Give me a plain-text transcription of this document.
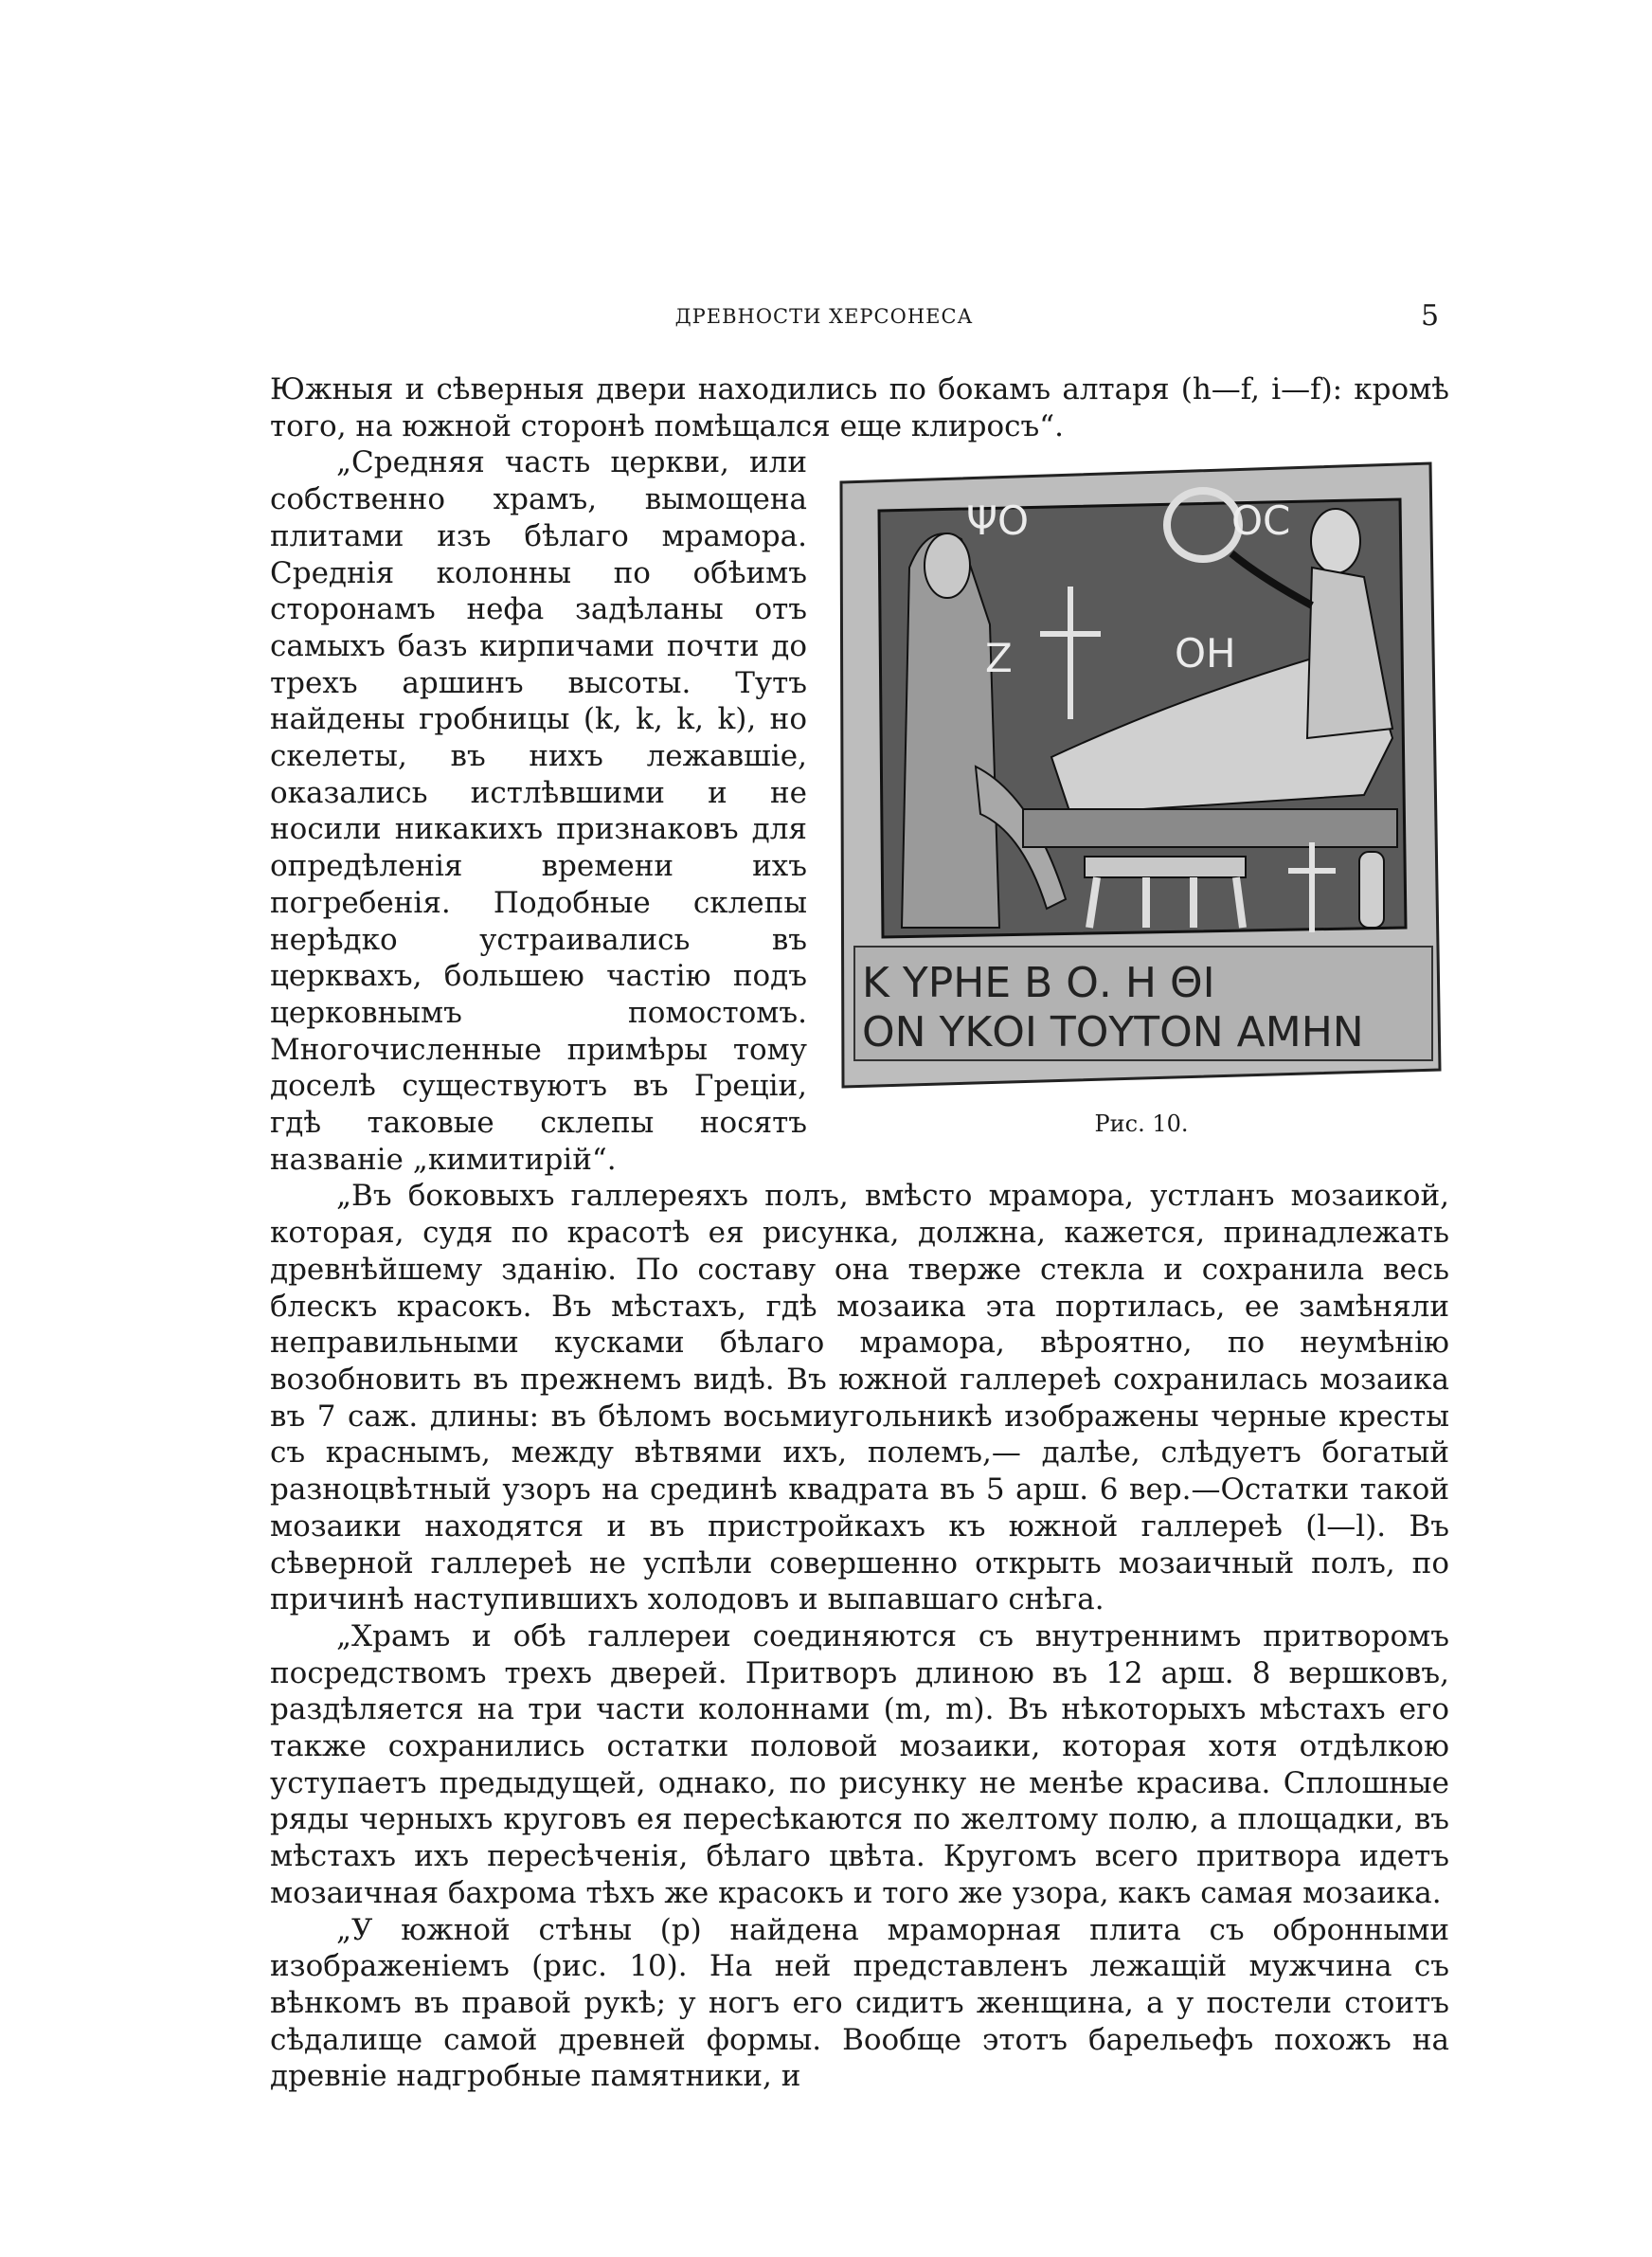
ДРЕВНОСТИ ХЕРСОНЕСА	5

Южныя и сѣверныя двери находились по бокамъ алтаря (h—f, i—f): кромѣ того, на южной сторонѣ помѣщался еще клиросъ“.

ΨΟ	ΟC
Z	ΟΗ
Κ ΥΡΗΕ Β Ο. Η ΘΙ
ΟΝ ΥΚΟΙ ΤΟΥΤΟΝ ΑΜΗΝ
Рис. 10.

„Средняя часть церкви, или собственно храмъ, вымощена плитами изъ бѣлаго мрамора. Среднія колонны по обѣимъ сторонамъ нефа задѣланы отъ самыхъ базъ кирпичами почти до трехъ аршинъ высоты. Тутъ найдены гробницы (k, k, k, k), но скелеты, въ нихъ лежавшіе, оказались истлѣвшими и не носили никакихъ признаковъ для опредѣленія времени ихъ погребенія. Подобные склепы нерѣдко устраивались въ церквахъ, большею частію подъ церковнымъ помостомъ. Многочисленные примѣры тому доселѣ существуютъ въ Греціи, гдѣ таковые склепы носятъ названіе „кимитирій“.

„Въ боковыхъ галлереяхъ полъ, вмѣсто мрамора, устланъ мозаикой, которая, судя по красотѣ ея рисунка, должна, кажется, принадлежать древнѣйшему зданію. По составу она тверже стекла и сохранила весь блескъ красокъ. Въ мѣстахъ, гдѣ мозаика эта портилась, ее замѣняли неправильными кусками бѣлаго мрамора, вѣроятно, по неумѣнію возобновить въ прежнемъ видѣ. Въ южной галлереѣ сохранилась мозаика въ 7 саж. длины: въ бѣломъ восьмиугольникѣ изображены черные кресты съ краснымъ, между вѣтвями ихъ, полемъ,— далѣе, слѣдуетъ богатый разноцвѣтный узоръ на срединѣ квадрата въ 5 арш. 6 вер.—Остатки такой мозаики находятся и въ пристройкахъ къ южной галлереѣ (l—l). Въ сѣверной галлереѣ не успѣли совершенно открыть мозаичный полъ, по причинѣ наступившихъ холодовъ и выпавшаго снѣга.

„Храмъ и обѣ галлереи соединяются съ внутреннимъ притворомъ посредствомъ трехъ дверей. Притворъ длиною въ 12 арш. 8 вершковъ, раздѣляется на три части колоннами (m, m). Въ нѣкоторыхъ мѣстахъ его также сохранились остатки половой мозаики, которая хотя отдѣлкою уступаетъ предыдущей, однако, по рисунку не менѣе красива. Сплошные ряды черныхъ круговъ ея пересѣкаются по желтому полю, а площадки, въ мѣстахъ ихъ пересѣченія, бѣлаго цвѣта. Кругомъ всего притвора идетъ мозаичная бахрома тѣхъ же красокъ и того же узора, какъ самая мозаика.

„У южной стѣны (р) найдена мраморная плита съ обронными изображеніемъ (рис. 10). На ней представленъ лежащій мужчина съ вѣнкомъ въ правой рукѣ; у ногъ его сидитъ женщина, а у постели стоитъ сѣдалище самой древней формы. Вообще этотъ барельефъ похожъ на древніе надгробные памятники, и
